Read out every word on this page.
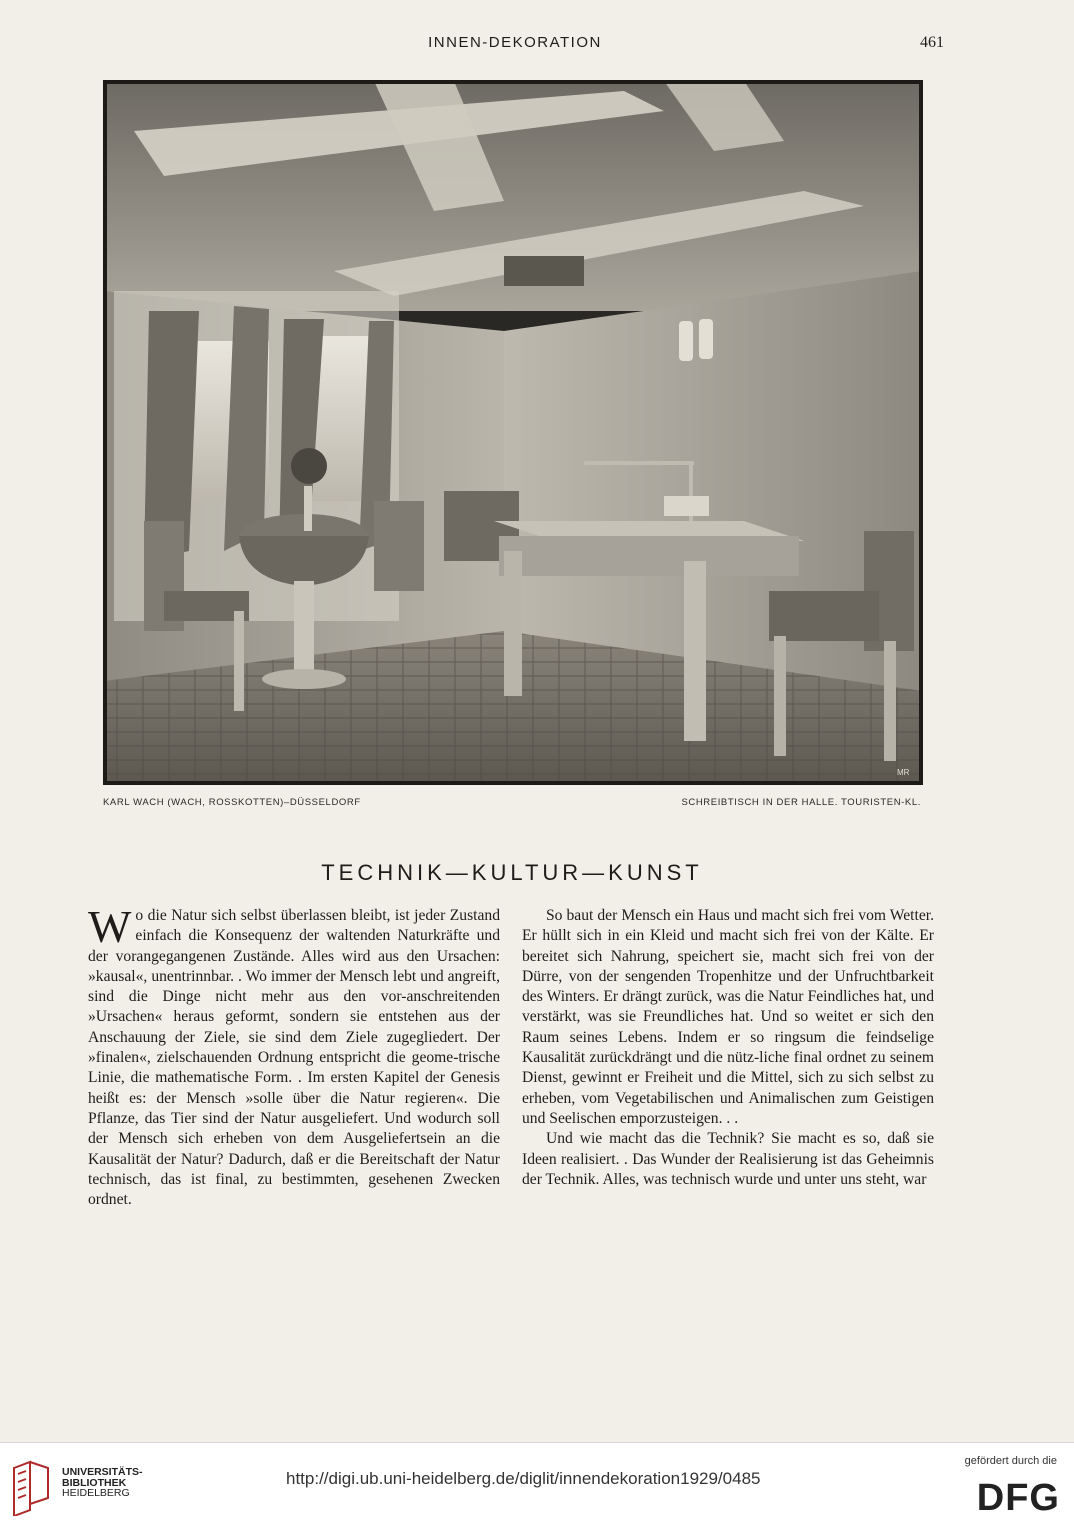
INNEN-DEKORATION	461
MR
KARL WACH (WACH, ROSSKOTTEN)–DÜSSELDORF	SCHREIBTISCH IN DER HALLE. TOURISTEN-KL.
TECHNIK—KULTUR—KUNST

Wo die Natur sich selbst überlassen bleibt, ist jeder Zustand einfach die Konsequenz der waltenden Naturkräfte und der vorangegangenen Zustände. Alles wird aus den Ursachen: »kausal«, unentrinnbar. . Wo immer der Mensch lebt und angreift, sind die Dinge nicht mehr aus den vor-anschreitenden »Ursachen« heraus geformt, sondern sie entstehen aus der Anschauung der Ziele, sie sind dem Ziele zugegliedert. Der »finalen«, zielschauenden Ordnung entspricht die geome-trische Linie, die mathematische Form. . Im ersten Kapitel der Genesis heißt es: der Mensch »solle über die Natur regieren«. Die Pflanze, das Tier sind der Natur ausgeliefert. Und wodurch soll der Mensch sich erheben von dem Ausgeliefertsein an die Kausalität der Natur? Dadurch, daß er die Bereitschaft der Natur technisch, das ist final, zu bestimmten, gesehenen Zwecken ordnet.

So baut der Mensch ein Haus und macht sich frei vom Wetter. Er hüllt sich in ein Kleid und macht sich frei von der Kälte. Er bereitet sich Nahrung, speichert sie, macht sich frei von der Dürre, von der sengenden Tropenhitze und der Unfruchtbarkeit des Winters. Er drängt zurück, was die Natur Feindliches hat, und verstärkt, was sie Freundliches hat. Und so weitet er sich den Raum seines Lebens. Indem er so ringsum die feindselige Kausalität zurückdrängt und die nütz-liche final ordnet zu seinem Dienst, gewinnt er Freiheit und die Mittel, sich zu sich selbst zu erheben, vom Vegetabilischen und Animalischen zum Geistigen und Seelischen emporzusteigen. . .

Und wie macht das die Technik? Sie macht es so, daß sie Ideen realisiert. . Das Wunder der Realisierung ist das Geheimnis der Technik. Alles, was technisch wurde und unter uns steht, war

UNIVERSITÄTS-
BIBLIOTHEK
HEIDELBERG
http://digi.ub.uni-heidelberg.de/diglit/innendekoration1929/0485
gefördert durch die
DFG
